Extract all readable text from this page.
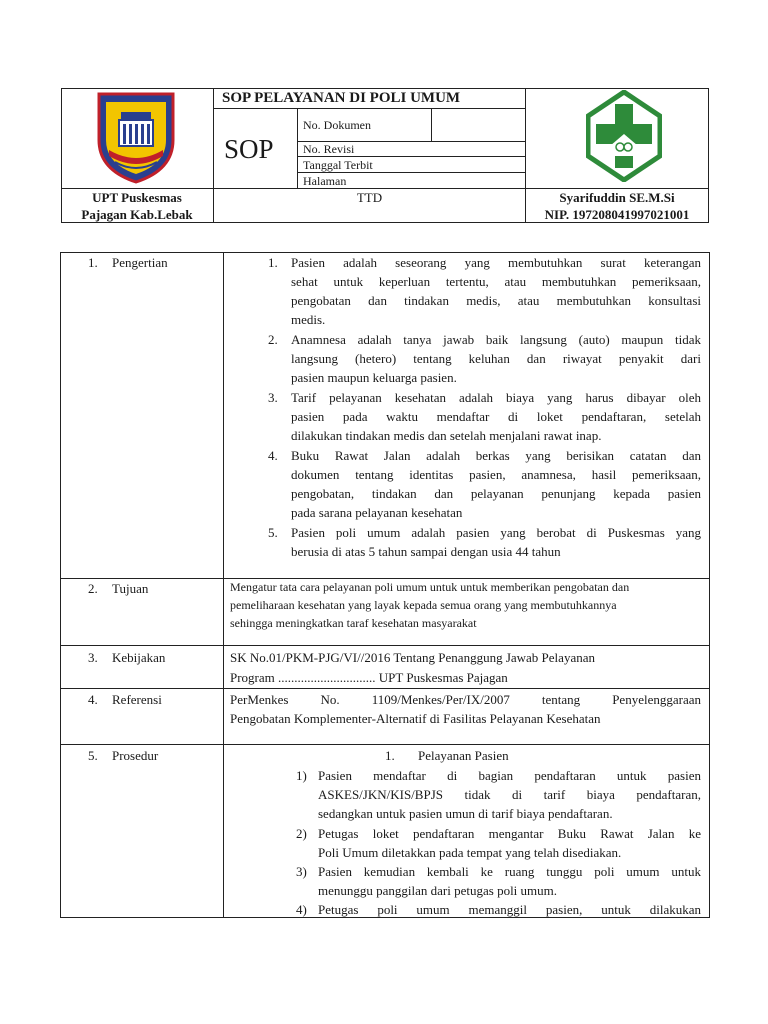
SOP PELAYANAN DI POLI UMUM
SOP
No. Dokumen
No. Revisi
Tanggal Terbit
Halaman
UPT Puskesmas
Pajagan Kab.Lebak
TTD	Syarifuddin SE.M.Si
NIP. 197208041997021001
1. Pengertian	1. Pasien adalah seseorang yang membutuhkan surat keterangan
sehat untuk keperluan tertentu, atau membutuhkan pemeriksaan,
pengobatan dan tindakan medis, atau membutuhkan konsultasi
medis.
2. Anamnesa adalah tanya jawab baik langsung (auto) maupun tidak
langsung (hetero) tentang keluhan dan riwayat penyakit dari
pasien maupun keluarga pasien.
3. Tarif pelayanan kesehatan adalah biaya yang harus dibayar oleh
pasien pada waktu mendaftar di loket pendaftaran, setelah
dilakukan tindakan medis dan setelah menjalani rawat inap.
4. Buku Rawat Jalan adalah berkas yang berisikan catatan dan
dokumen tentang identitas pasien, anamnesa, hasil pemeriksaan,
pengobatan, tindakan dan pelayanan penunjang kepada pasien
pada sarana pelayanan kesehatan
5. Pasien poli umum adalah pasien yang berobat di Puskesmas yang
berusia di atas 5 tahun sampai dengan usia 44 tahun
2. Tujuan	Mengatur tata cara pelayanan poli umum untuk untuk memberikan pengobatan dan
pemeliharaan kesehatan yang layak kepada semua orang yang membutuhkannya
sehingga meningkatkan taraf kesehatan masyarakat
3. Kebijakan	SK No.01/PKM-PJG/VI//2016 Tentang Penanggung Jawab Pelayanan
Program .............................. UPT Puskesmas Pajagan
4. Referensi	PerMenkes No. 1109/Menkes/Per/IX/2007 tentang Penyelenggaraan
Pengobatan Komplementer-Alternatif di Fasilitas Pelayanan Kesehatan
5. Prosedur	1. Pelayanan Pasien
1) Pasien mendaftar di bagian pendaftaran untuk pasien
ASKES/JKN/KIS/BPJS tidak di tarif biaya pendaftaran,
sedangkan untuk pasien umun di tarif biaya pendaftaran.
2) Petugas loket pendaftaran mengantar Buku Rawat Jalan ke
Poli Umum diletakkan pada tempat yang telah disediakan.
3) Pasien kemudian kembali ke ruang tunggu poli umum untuk
menunggu panggilan dari petugas poli umum.
4) Petugas poli umum memanggil pasien, untuk dilakukan
